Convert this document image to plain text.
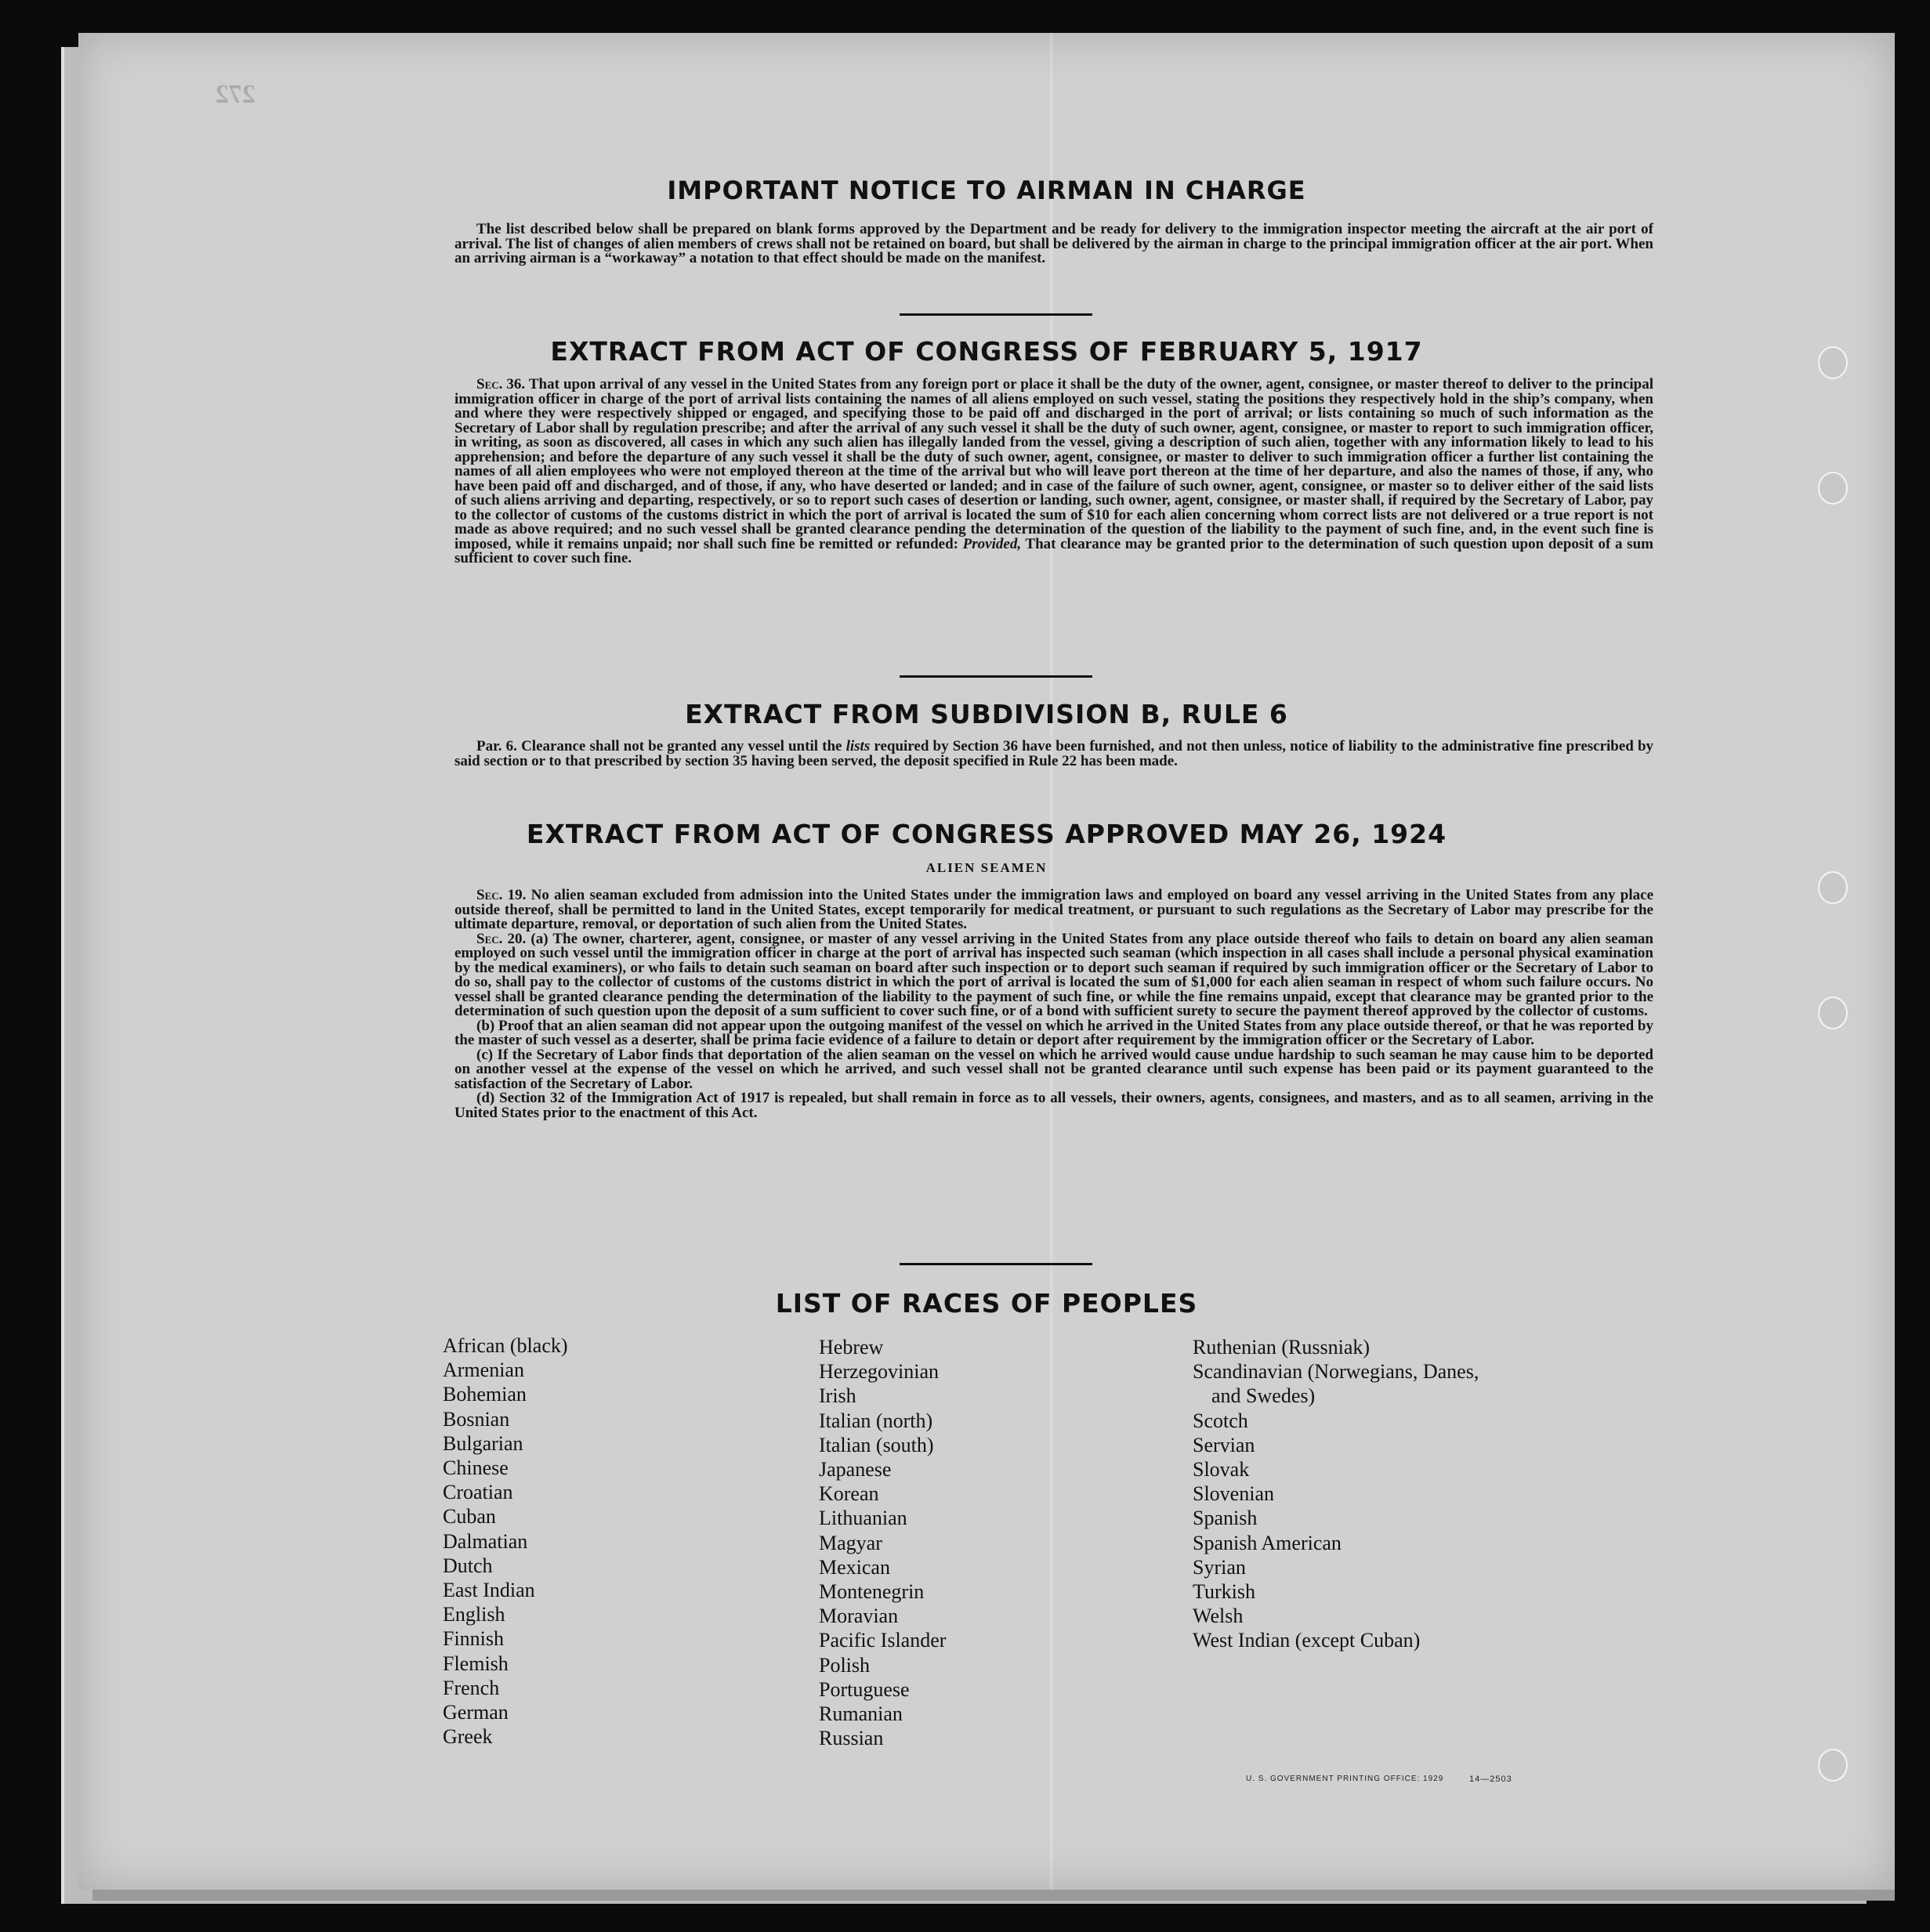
272
IMPORTANT NOTICE TO AIRMAN IN CHARGE

The list described below shall be prepared on blank forms approved by the Department and be ready for delivery to the immigration inspector meeting the aircraft at the air port of arrival. The list of changes of alien members of crews shall not be retained on board, but shall be delivered by the airman in charge to the principal immigration officer at the air port. When an arriving airman is a “workaway” a notation to that effect should be made on the manifest.

EXTRACT FROM ACT OF CONGRESS OF FEBRUARY 5, 1917

Sec. 36. That upon arrival of any vessel in the United States from any foreign port or place it shall be the duty of the owner, agent, consignee, or master thereof to deliver to the principal immigration officer in charge of the port of arrival lists containing the names of all aliens employed on such vessel, stating the positions they respectively hold in the ship’s company, when and where they were respectively shipped or engaged, and specifying those to be paid off and discharged in the port of arrival; or lists containing so much of such information as the Secretary of Labor shall by regulation prescribe; and after the arrival of any such vessel it shall be the duty of such owner, agent, consignee, or master to report to such immigration officer, in writing, as soon as discovered, all cases in which any such alien has illegally landed from the vessel, giving a description of such alien, together with any information likely to lead to his apprehension; and before the departure of any such vessel it shall be the duty of such owner, agent, consignee, or master to deliver to such immigration officer a further list containing the names of all alien employees who were not employed thereon at the time of the arrival but who will leave port thereon at the time of her departure, and also the names of those, if any, who have been paid off and discharged, and of those, if any, who have deserted or landed; and in case of the failure of such owner, agent, consignee, or master so to deliver either of the said lists of such aliens arriving and departing, respectively, or so to report such cases of desertion or landing, such owner, agent, consignee, or master shall, if required by the Secretary of Labor, pay to the collector of customs of the customs district in which the port of arrival is located the sum of $10 for each alien concerning whom correct lists are not delivered or a true report is not made as above required; and no such vessel shall be granted clearance pending the determination of the question of the liability to the payment of such fine, and, in the event such fine is imposed, while it remains unpaid; nor shall such fine be remitted or refunded: Provided, That clearance may be granted prior to the determination of such question upon deposit of a sum sufficient to cover such fine.

EXTRACT FROM SUBDIVISION B, RULE 6

Par. 6. Clearance shall not be granted any vessel until the lists required by Section 36 have been furnished, and not then unless, notice of liability to the administrative fine prescribed by said section or to that prescribed by section 35 having been served, the deposit specified in Rule 22 has been made.

EXTRACT FROM ACT OF CONGRESS APPROVED MAY 26, 1924
ALIEN SEAMEN

Sec. 19. No alien seaman excluded from admission into the United States under the immigration laws and employed on board any vessel arriving in the United States from any place outside thereof, shall be permitted to land in the United States, except temporarily for medical treatment, or pursuant to such regulations as the Secretary of Labor may prescribe for the ultimate departure, removal, or deportation of such alien from the United States.

Sec. 20. (a) The owner, charterer, agent, consignee, or master of any vessel arriving in the United States from any place outside thereof who fails to detain on board any alien seaman employed on such vessel until the immigration officer in charge at the port of arrival has inspected such seaman (which inspection in all cases shall include a personal physical examination by the medical examiners), or who fails to detain such seaman on board after such inspection or to deport such seaman if required by such immigration officer or the Secretary of Labor to do so, shall pay to the collector of customs of the customs district in which the port of arrival is located the sum of $1,000 for each alien seaman in respect of whom such failure occurs. No vessel shall be granted clearance pending the determination of the liability to the payment of such fine, or while the fine remains unpaid, except that clearance may be granted prior to the determination of such question upon the deposit of a sum sufficient to cover such fine, or of a bond with sufficient surety to secure the payment thereof approved by the collector of customs.

(b) Proof that an alien seaman did not appear upon the outgoing manifest of the vessel on which he arrived in the United States from any place outside thereof, or that he was reported by the master of such vessel as a deserter, shall be prima facie evidence of a failure to detain or deport after requirement by the immigration officer or the Secretary of Labor.

(c) If the Secretary of Labor finds that deportation of the alien seaman on the vessel on which he arrived would cause undue hardship to such seaman he may cause him to be deported on another vessel at the expense of the vessel on which he arrived, and such vessel shall not be granted clearance until such expense has been paid or its payment guaranteed to the satisfaction of the Secretary of Labor.

(d) Section 32 of the Immigration Act of 1917 is repealed, but shall remain in force as to all vessels, their owners, agents, consignees, and masters, and as to all seamen, arriving in the United States prior to the enactment of this Act.

LIST OF RACES OF PEOPLES
African (black)
Armenian
Bohemian
Bosnian
Bulgarian
Chinese
Croatian
Cuban
Dalmatian
Dutch
East Indian
English
Finnish
Flemish
French
German
Greek
Hebrew
Herzegovinian
Irish
Italian (north)
Italian (south)
Japanese
Korean
Lithuanian
Magyar
Mexican
Montenegrin
Moravian
Pacific Islander
Polish
Portuguese
Rumanian
Russian
Ruthenian (Russniak)
Scandinavian (Norwegians, Danes,
and Swedes)
Scotch
Servian
Slovak
Slovenian
Spanish
Spanish American
Syrian
Turkish
Welsh
West Indian (except Cuban)
U. S. GOVERNMENT PRINTING OFFICE: 1929	14—2503
